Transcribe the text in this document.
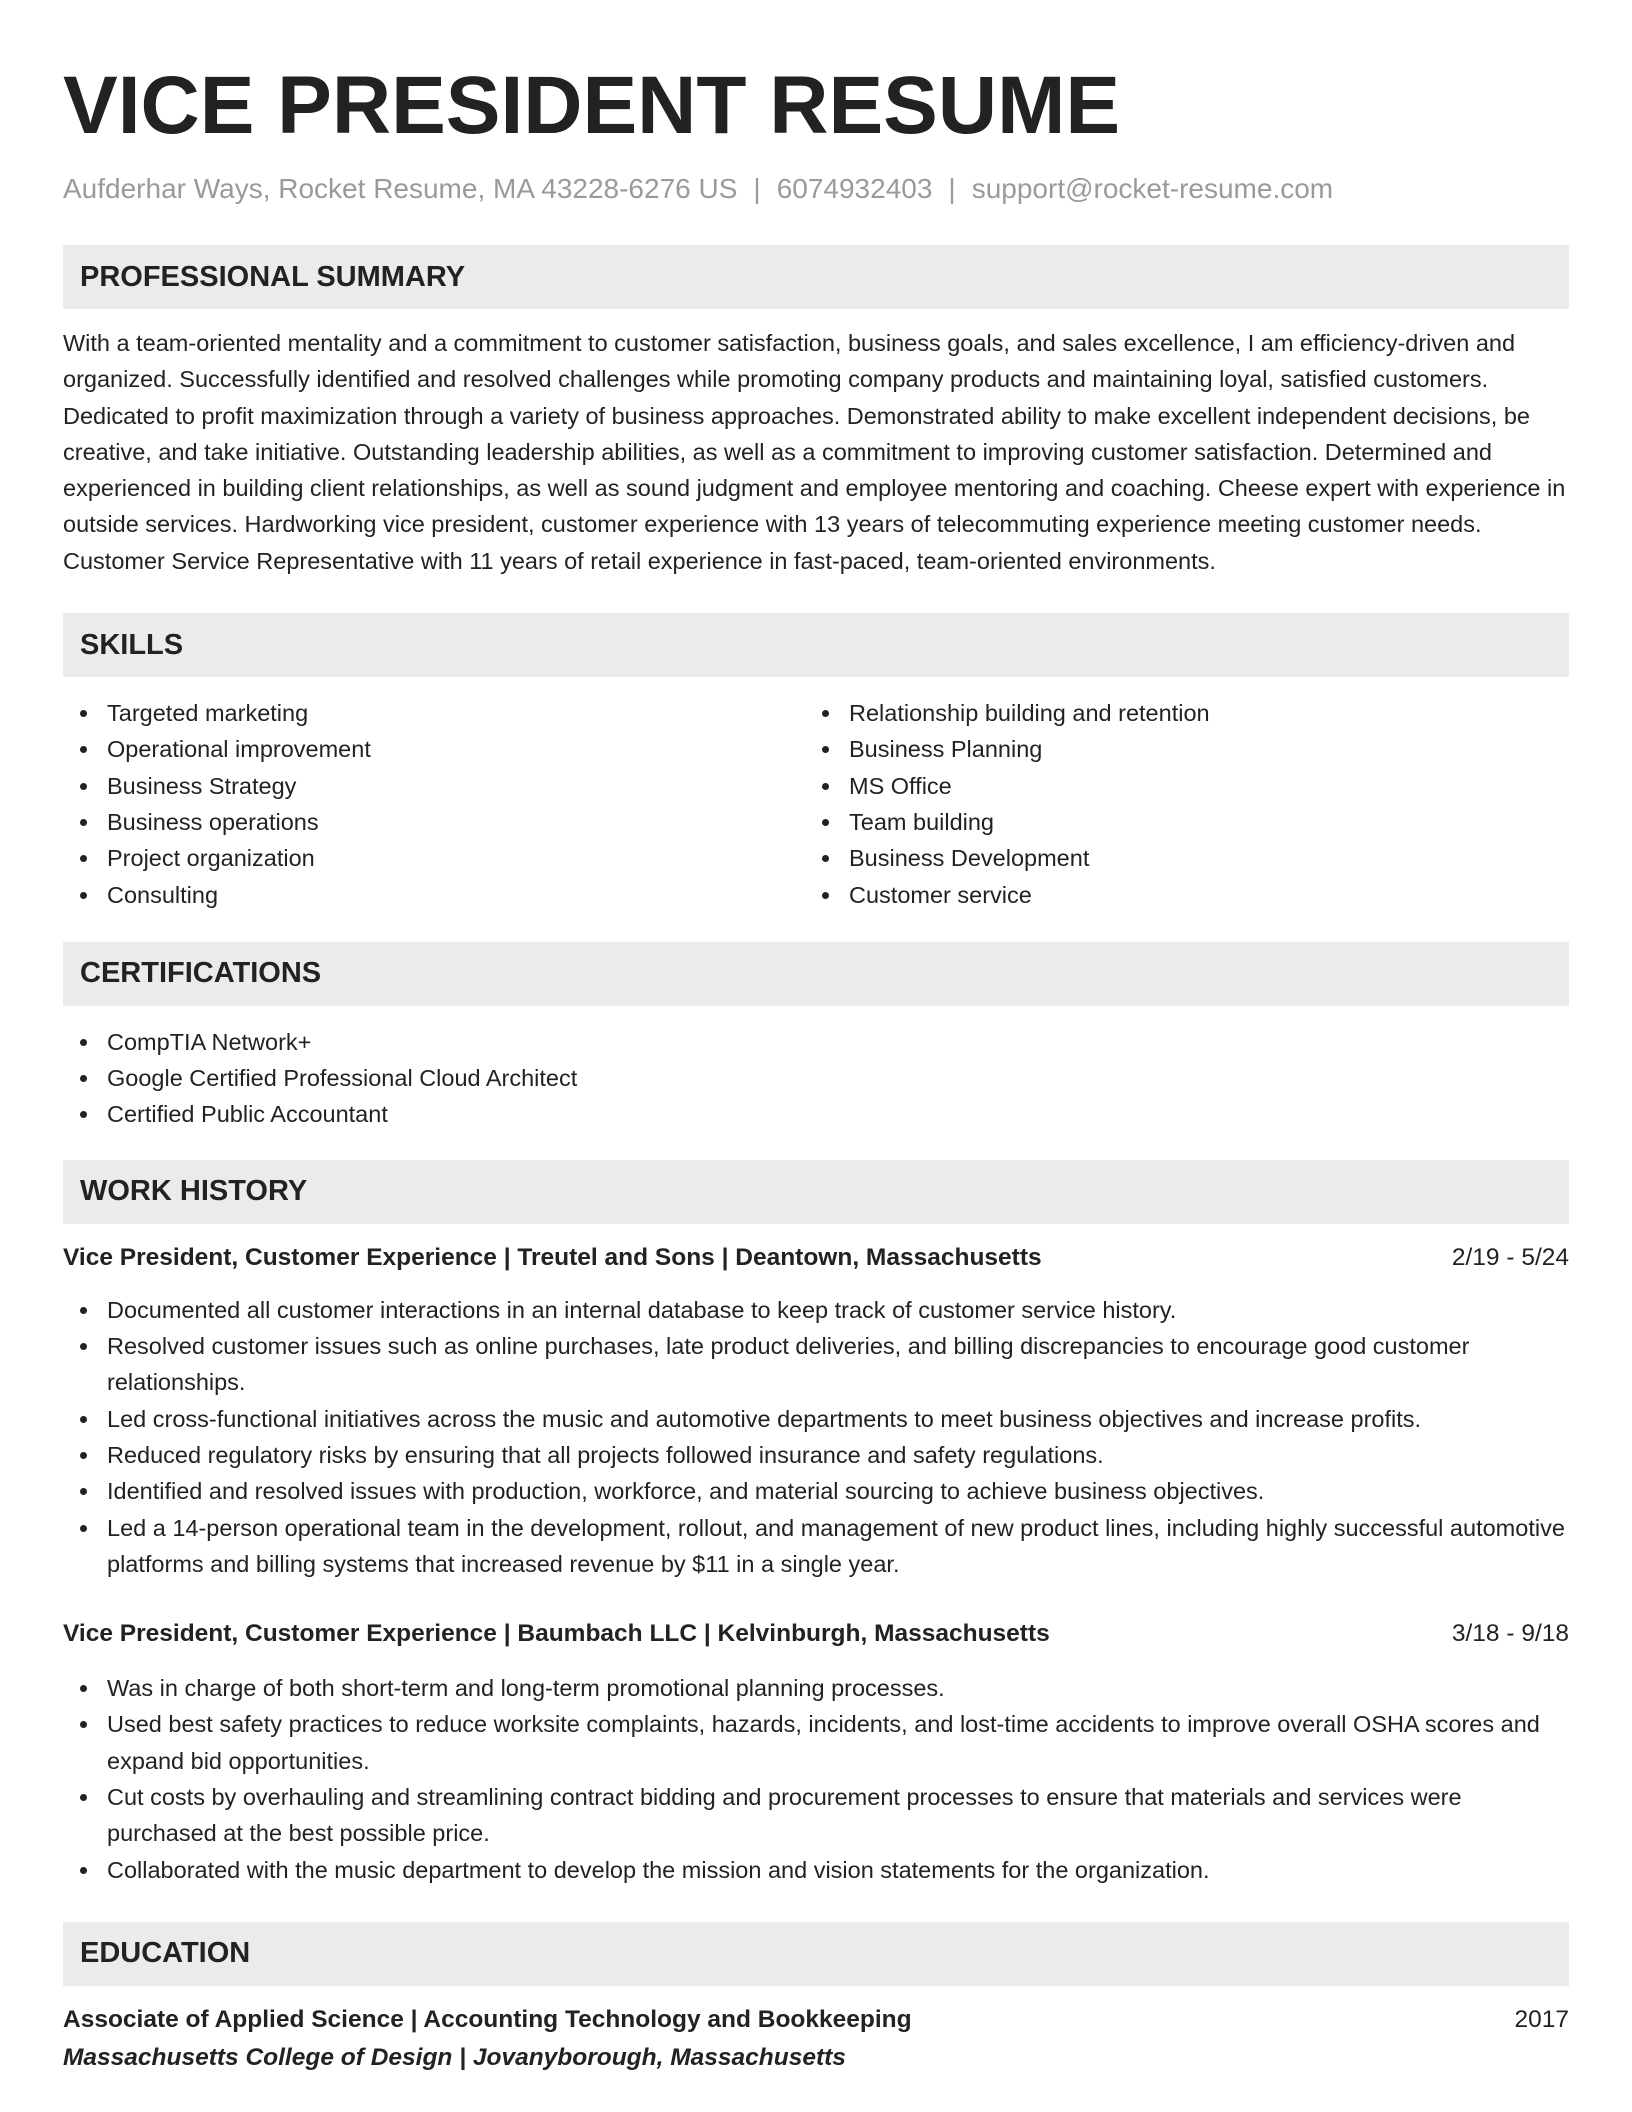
VICE PRESIDENT RESUME
Aufderhar Ways, Rocket Resume, MA 43228-6276 US | 6074932403 | support@rocket-resume.com
PROFESSIONAL SUMMARY

With a team-oriented mentality and a commitment to customer satisfaction, business goals, and sales excellence, I am efficiency-driven and organized. Successfully identified and resolved challenges while promoting company products and maintaining loyal, satisfied customers. Dedicated to profit maximization through a variety of business approaches. Demonstrated ability to make excellent independent decisions, be creative, and take initiative. Outstanding leadership abilities, as well as a commitment to improving customer satisfaction. Determined and experienced in building client relationships, as well as sound judgment and employee mentoring and coaching. Cheese expert with experience in outside services. Hardworking vice president, customer experience with 13 years of telecommuting experience meeting customer needs. Customer Service Representative with 11 years of retail experience in fast-paced, team-oriented environments.

SKILLS
Targeted marketing
Operational improvement
Business Strategy
Business operations
Project organization
Consulting
Relationship building and retention
Business Planning
MS Office
Team building
Business Development
Customer service
CERTIFICATIONS
CompTIA Network+
Google Certified Professional Cloud Architect
Certified Public Accountant
WORK HISTORY
Vice President, Customer Experience | Treutel and Sons | Deantown, Massachusetts	2/19 - 5/24
Documented all customer interactions in an internal database to keep track of customer service history.
Resolved customer issues such as online purchases, late product deliveries, and billing discrepancies to encourage good customer relationships.
Led cross-functional initiatives across the music and automotive departments to meet business objectives and increase profits.
Reduced regulatory risks by ensuring that all projects followed insurance and safety regulations.
Identified and resolved issues with production, workforce, and material sourcing to achieve business objectives.
Led a 14-person operational team in the development, rollout, and management of new product lines, including highly successful automotive platforms and billing systems that increased revenue by $11 in a single year.
Vice President, Customer Experience | Baumbach LLC | Kelvinburgh, Massachusetts	3/18 - 9/18
Was in charge of both short-term and long-term promotional planning processes.
Used best safety practices to reduce worksite complaints, hazards, incidents, and lost-time accidents to improve overall OSHA scores and expand bid opportunities.
Cut costs by overhauling and streamlining contract bidding and procurement processes to ensure that materials and services were purchased at the best possible price.
Collaborated with the music department to develop the mission and vision statements for the organization.
EDUCATION
Associate of Applied Science | Accounting Technology and Bookkeeping	2017
Massachusetts College of Design | Jovanyborough, Massachusetts
